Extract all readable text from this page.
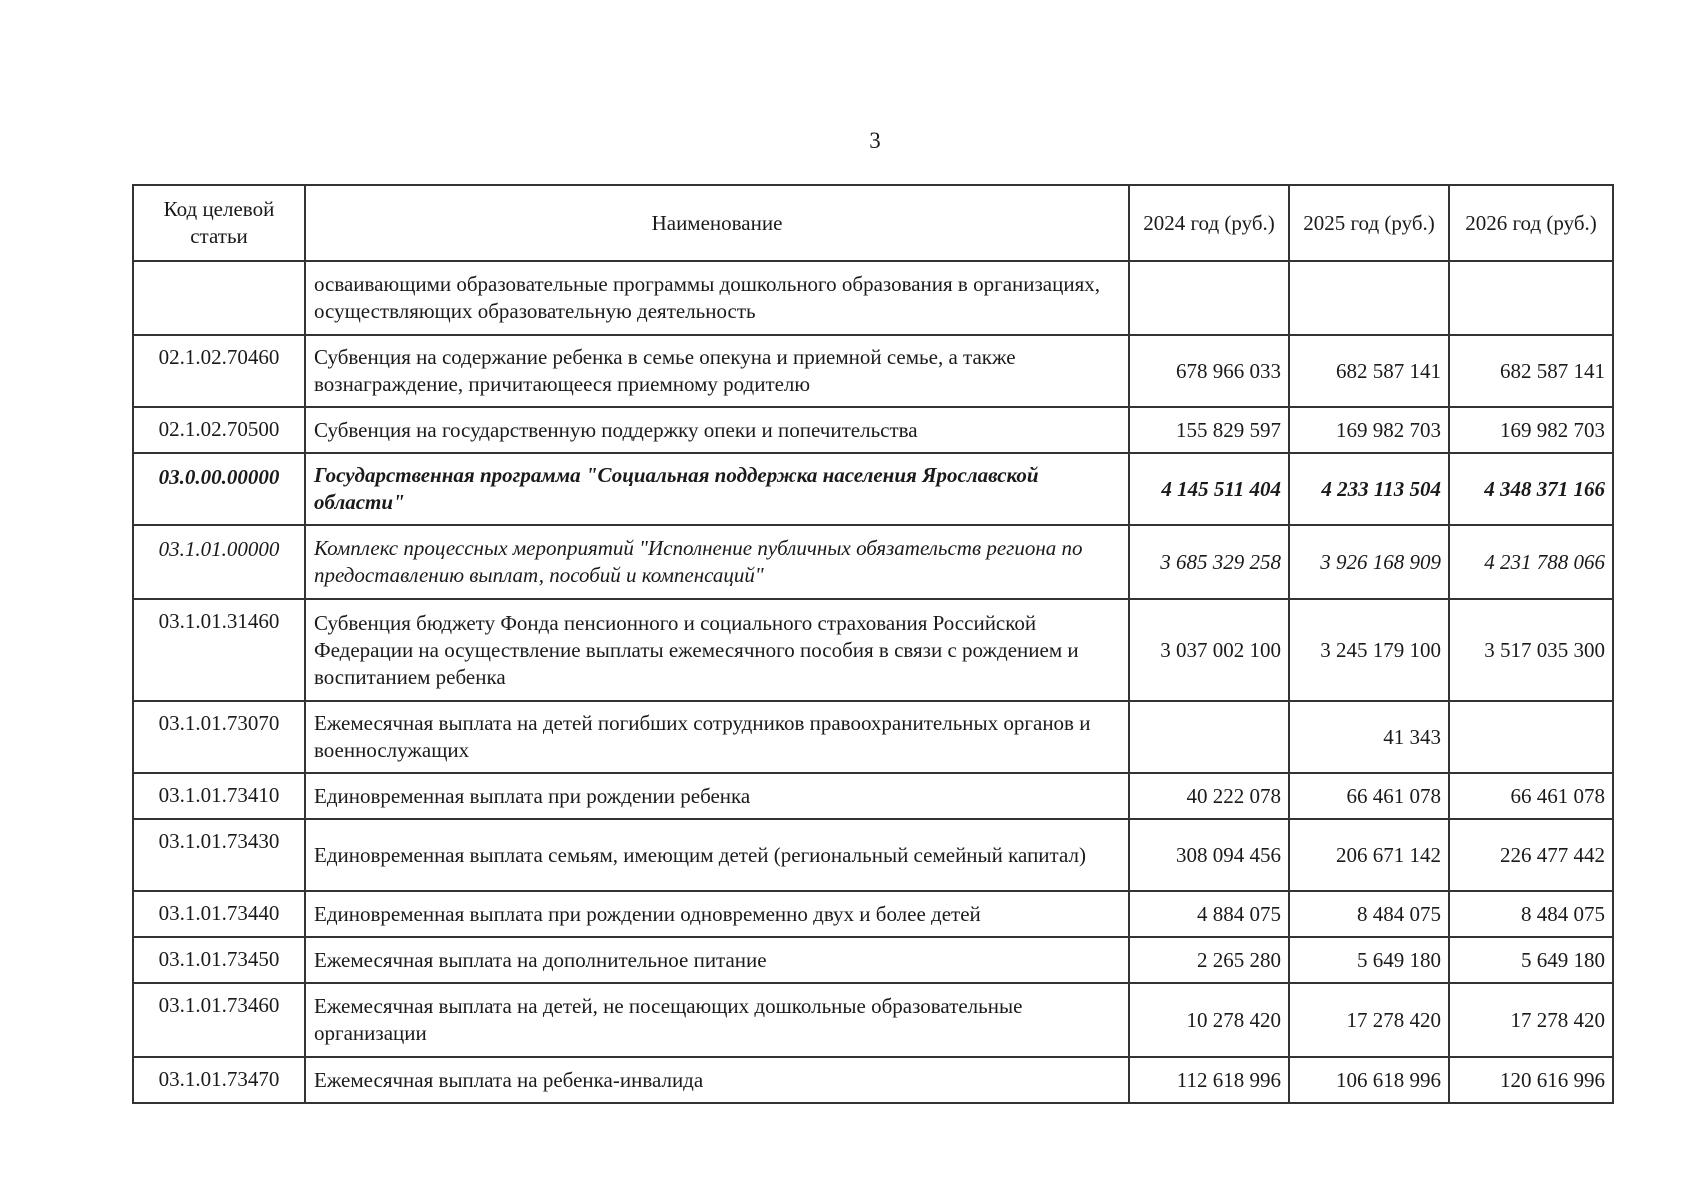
3
Код целевой статьи	Наименование	2024 год (руб.)	2025 год (руб.)	2026 год (руб.)
	осваивающими образовательные программы дошкольного образования в организациях, осуществляющих образовательную деятельность			
02.1.02.70460	Субвенция на содержание ребенка в семье опекуна и приемной семье, а также вознаграждение, причитающееся приемному родителю	678 966 033	682 587 141	682 587 141
02.1.02.70500	Субвенция на государственную поддержку опеки и попечительства	155 829 597	169 982 703	169 982 703
03.0.00.00000	Государственная программа "Социальная поддержка населения Ярославской области"	4 145 511 404	4 233 113 504	4 348 371 166
03.1.01.00000	Комплекс процессных мероприятий "Исполнение публичных обязательств региона по предоставлению выплат, пособий и компенсаций"	3 685 329 258	3 926 168 909	4 231 788 066
03.1.01.31460	Субвенция бюджету Фонда пенсионного и социального страхования Российской Федерации на осуществление выплаты ежемесячного пособия в связи с рождением и воспитанием ребенка	3 037 002 100	3 245 179 100	3 517 035 300
03.1.01.73070	Ежемесячная выплата на детей погибших сотрудников правоохранительных органов и военнослужащих		41 343	
03.1.01.73410	Единовременная выплата при рождении ребенка	40 222 078	66 461 078	66 461 078
03.1.01.73430	Единовременная выплата семьям, имеющим детей (региональный семейный капитал)	308 094 456	206 671 142	226 477 442
03.1.01.73440	Единовременная выплата при рождении одновременно двух и более детей	4 884 075	8 484 075	8 484 075
03.1.01.73450	Ежемесячная выплата на дополнительное питание	2 265 280	5 649 180	5 649 180
03.1.01.73460	Ежемесячная выплата на детей, не посещающих дошкольные образовательные организации	10 278 420	17 278 420	17 278 420
03.1.01.73470	Ежемесячная выплата на ребенка-инвалида	112 618 996	106 618 996	120 616 996
